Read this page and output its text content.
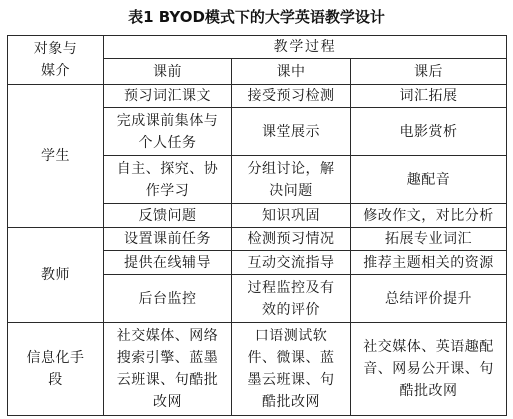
表1 BYOD模式下的大学英语教学设计
对象与媒介	教学过程		
	课前	课中	课后
学生	预习词汇课文	接受预习检测	词汇拓展

	完成课前集体与个人任务	课堂展示	电影赏析

	自主、探究、协作学习	分组讨论，解决问题	趣配音

	反馈问题	知识巩固	修改作文，对比分析

教师	设置课前任务	检测预习情况	拓展专业词汇

	提供在线辅导	互动交流指导	推荐主题相关的资源

	后台监控	过程监控及有效的评价	总结评价提升

信息化手段	社交媒体、网络搜索引擎、蓝墨云班课、句酷批改网	口语测试软件、微课、蓝墨云班课、句酷批改网	社交媒体、英语趣配音、网易公开课、句酷批改网
